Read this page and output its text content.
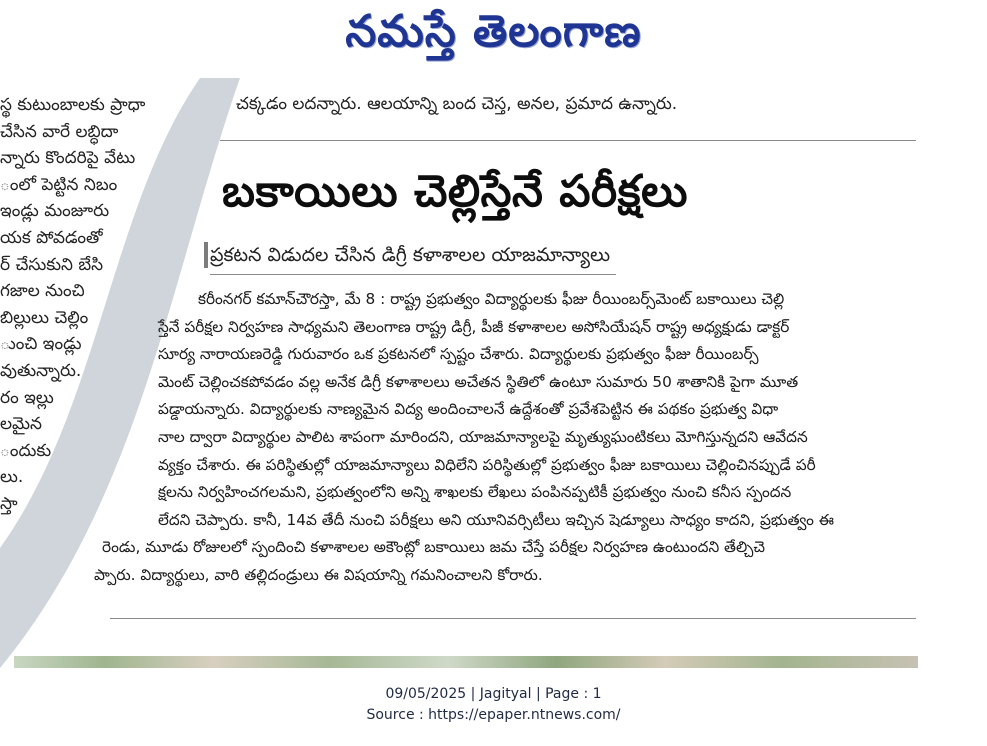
నమస్తే తెలంగాణ
స్థ కుటుంబాలకు ప్రాధా
చేసిన వారే లబ్ధిదా
న్నారు కొందరిపై వేటు
ంలో పెట్టిన నిబం
ఇండ్లు మంజూరు
యక పోవడంతో
ర్ చేసుకుని బేసి
గజాల నుంచి
బిల్లులు చెల్లిం
ుంచి ఇండ్లు
వుతున్నారు.
రం ఇల్లు
లమైన
ందుకు
లు.
స్తా
చక్కడం లదన్నారు. ఆలయాన్ని బంద చెస్త, అనల, ప్రమాద ఉన్నారు.
బకాయిలు చెల్లిస్తేనే పరీక్షలు
ప్రకటన విడుదల చేసిన డిగ్రీ కళాశాలల యాజమాన్యాలు
కరీంనగర్ కమాన్‌చౌరస్తా, మే 8 : రాష్ట్ర ప్రభుత్వం విద్యార్థులకు ఫీజు రీయింబర్స్‌మెంట్ బకాయిలు చెల్లి
స్తేనే పరీక్షల నిర్వహణ సాధ్యమని తెలంగాణ రాష్ట్ర డిగ్రీ, పీజీ కళాశాలల అసోసియేషన్ రాష్ట్ర అధ్యక్షుడు డాక్టర్
సూర్య నారాయణరెడ్డి గురువారం ఒక ప్రకటనలో స్పష్టం చేశారు. విద్యార్థులకు ప్రభుత్వం ఫీజు రీయింబర్స్
మెంట్ చెల్లించకపోవడం వల్ల అనేక డిగ్రీ కళాశాలలు అచేతన స్థితిలో ఉంటూ సుమారు 50 శాతానికి పైగా మూత
పడ్డాయన్నారు. విద్యార్థులకు నాణ్యమైన విద్య అందించాలనే ఉద్దేశంతో ప్రవేశపెట్టిన ఈ పథకం ప్రభుత్వ విధా
నాల ద్వారా విద్యార్థుల పాలిట శాపంగా మారిందని, యాజమాన్యాలపై మృత్యుఘంటికలు మోగిస్తున్నదని ఆవేదన
వ్యక్తం చేశారు. ఈ పరిస్థితుల్లో యాజమాన్యాలు విధిలేని పరిస్థితుల్లో ప్రభుత్వం ఫీజు బకాయిలు చెల్లించినప్పుడే పరీ
క్షలను నిర్వహించగలమని, ప్రభుత్వంలోని అన్ని శాఖలకు లేఖలు పంపినప్పటికీ ప్రభుత్వం నుంచి కనీస స్పందన
లేదని చెప్పారు. కానీ, 14వ తేదీ నుంచి పరీక్షలు అని యూనివర్సిటీలు ఇచ్చిన షెడ్యూలు సాధ్యం కాదని, ప్రభుత్వం ఈ
రెండు, మూడు రోజులలో స్పందించి కళాశాలల అకౌంట్లో బకాయిలు జమ చేస్తే పరీక్షల నిర్వహణ ఉంటుందని తేల్చిచె
ప్పారు. విద్యార్థులు, వారి తల్లిదండ్రులు ఈ విషయాన్ని గమనించాలని కోరారు.
09/05/2025 | Jagityal | Page : 1
Source : https://epaper.ntnews.com/
